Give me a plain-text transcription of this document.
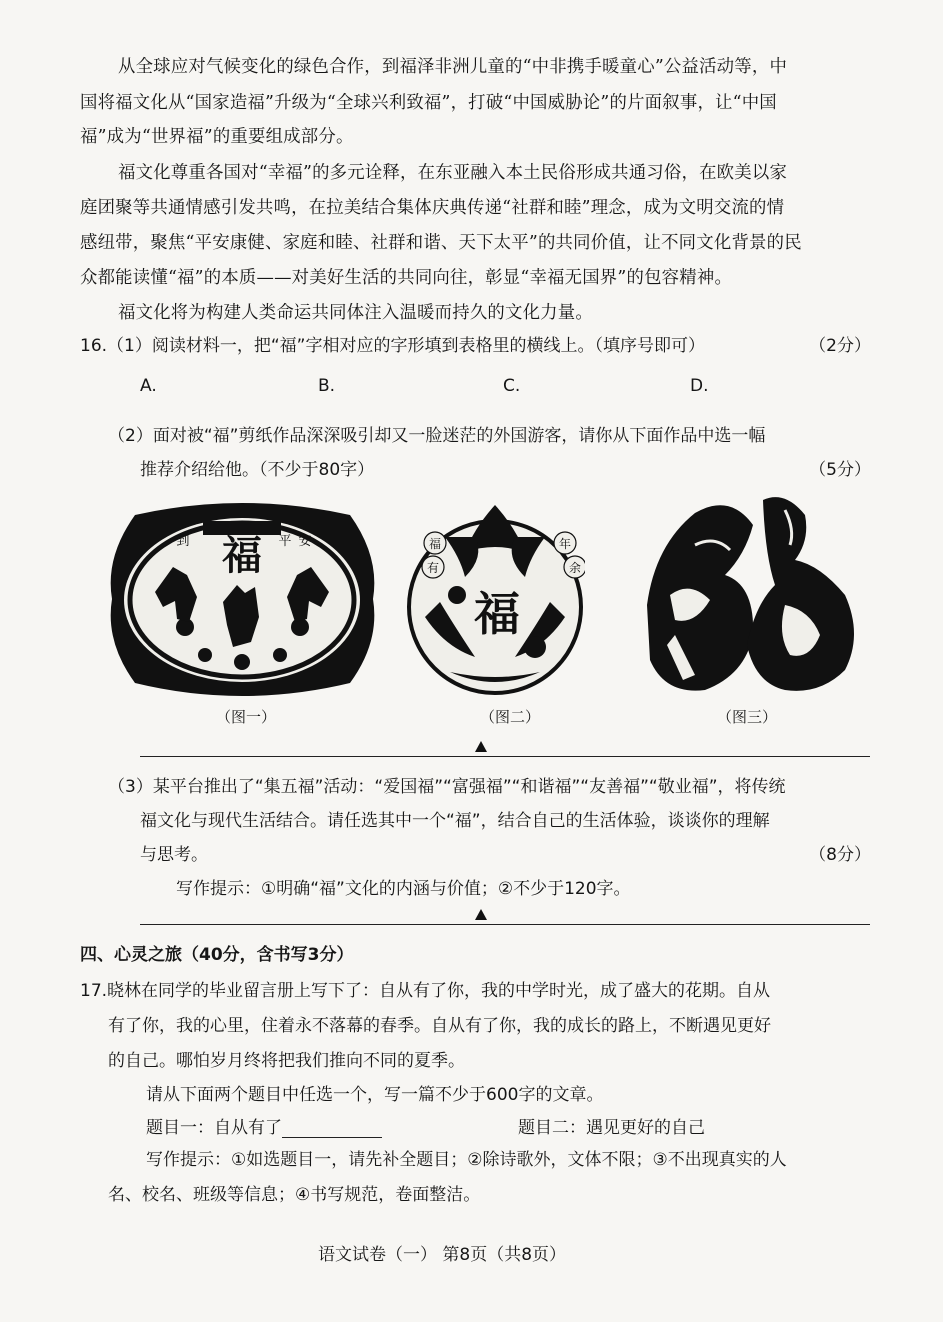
从全球应对气候变化的绿色合作，到福泽非洲儿童的“中非携手暖童心”公益活动等，中
国将福文化从“国家造福”升级为“全球兴利致福”，打破“中国威胁论”的片面叙事，让“中国
福”成为“世界福”的重要组成部分。
福文化尊重各国对“幸福”的多元诠释，在东亚融入本土民俗形成共通习俗，在欧美以家
庭团聚等共通情感引发共鸣，在拉美结合集体庆典传递“社群和睦”理念，成为文明交流的情
感纽带，聚焦“平安康健、家庭和睦、社群和谐、天下太平”的共同价值，让不同文化背景的民
众都能读懂“福”的本质——对美好生活的共同向往，彰显“幸福无国界”的包容精神。
福文化将为构建人类命运共同体注入温暖而持久的文化力量。
16.（1）阅读材料一，把“福”字相对应的字形填到表格里的横线上。（填序号即可）	（2分）
A.	B.	C.	D.
（2）面对被“福”剪纸作品深深吸引却又一脸迷茫的外国游客，请你从下面作品中选一幅
推荐介绍给他。（不少于80字）	（5分）
福
到	平 安
（图一）
福
年
有	余
福
（图二）	（图三）
（3）某平台推出了“集五福”活动：“爱国福”“富强福”“和谐福”“友善福”“敬业福”，将传统
福文化与现代生活结合。请任选其中一个“福”，结合自己的生活体验，谈谈你的理解
与思考。	（8分）
写作提示：①明确“福”文化的内涵与价值；②不少于120字。
四、心灵之旅（40分，含书写3分）
17.晓林在同学的毕业留言册上写下了：自从有了你，我的中学时光，成了盛大的花期。自从
有了你，我的心里，住着永不落幕的春季。自从有了你，我的成长的路上，不断遇见更好
的自己。哪怕岁月终将把我们推向不同的夏季。
请从下面两个题目中任选一个，写一篇不少于600字的文章。
题目一：自从有了	题目二：遇见更好的自己
写作提示：①如选题目一，请先补全题目；②除诗歌外，文体不限；③不出现真实的人
名、校名、班级等信息；④书写规范，卷面整洁。
语文试卷（一） 第8页（共8页）
